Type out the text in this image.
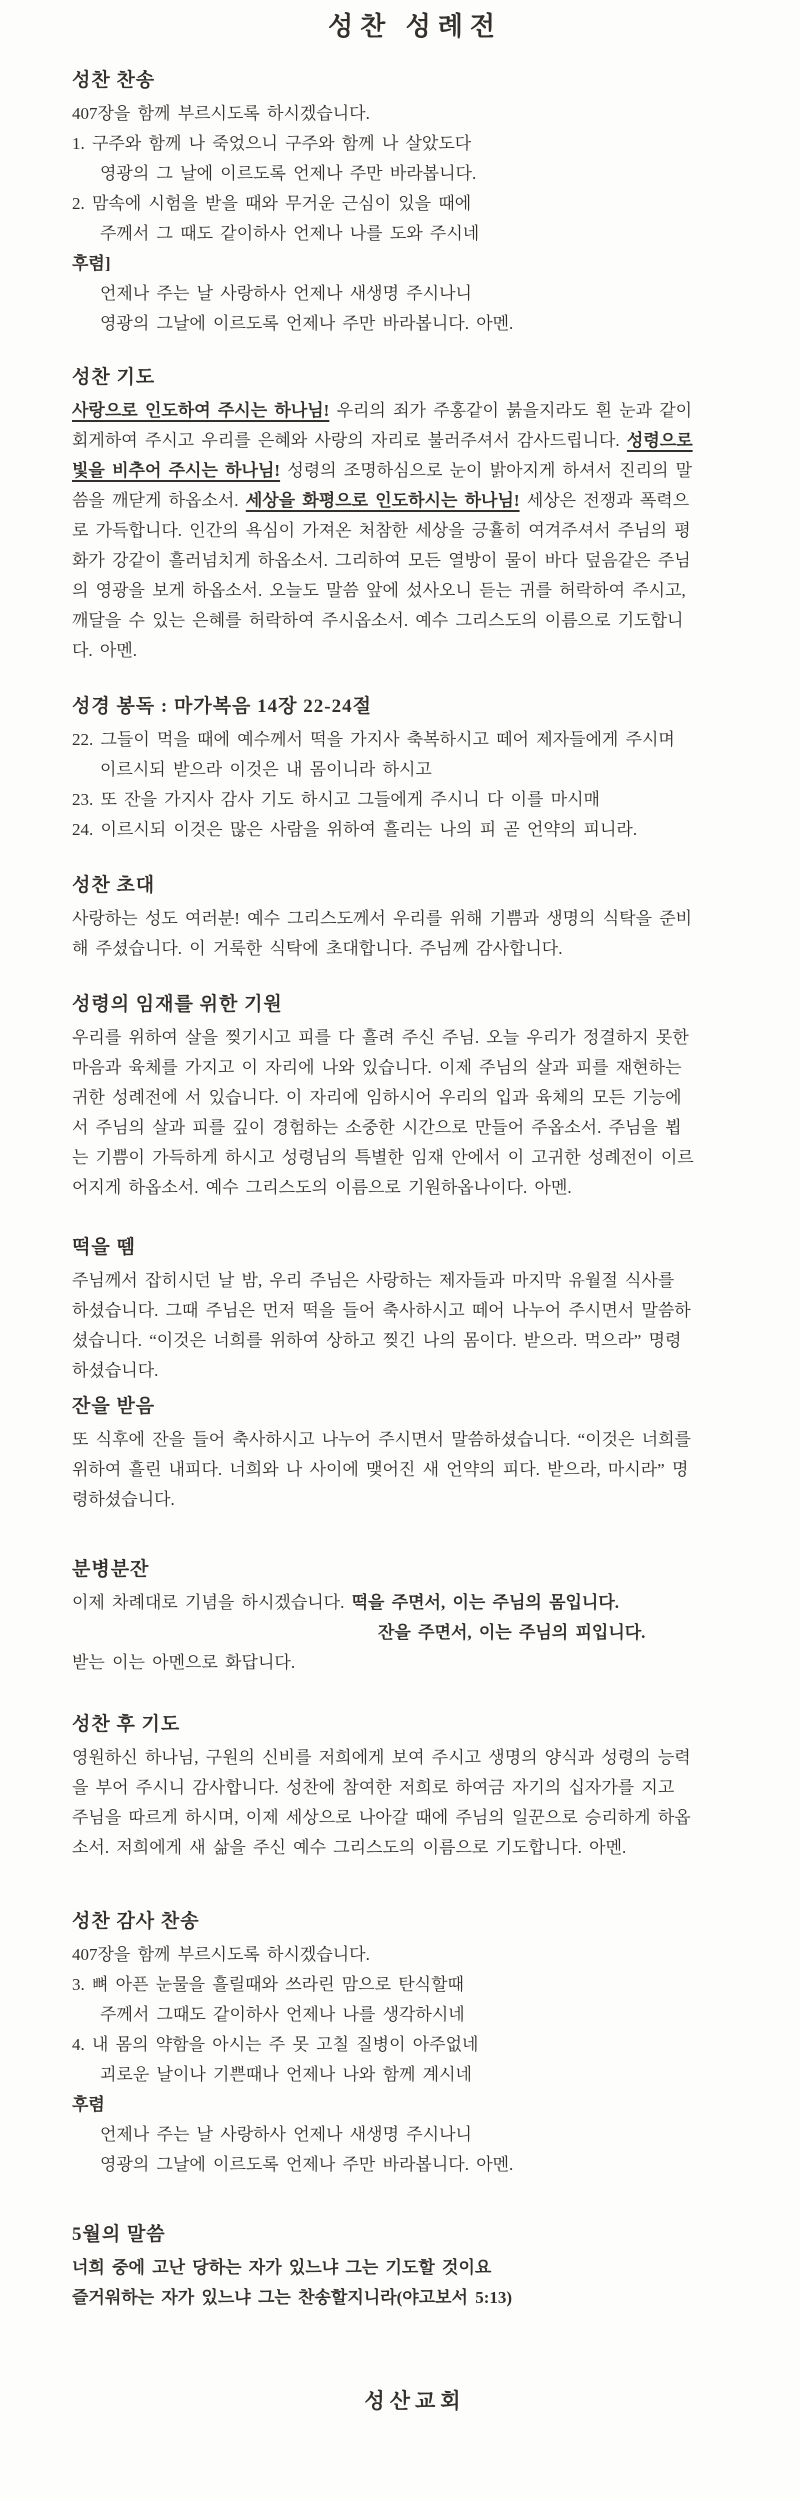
성찬 성례전
성찬 찬송
407장을 함께 부르시도록 하시겠습니다.
1. 구주와 함께 나 죽었으니 구주와 함께 나 살았도다
영광의 그 날에 이르도록 언제나 주만 바라봅니다.
2. 맘속에 시험을 받을 때와 무거운 근심이 있을 때에
주께서 그 때도 같이하사 언제나 나를 도와 주시네
후렴]
언제나 주는 날 사랑하사 언제나 새생명 주시나니
영광의 그날에 이르도록 언제나 주만 바라봅니다. 아멘.
성찬 기도
사랑으로 인도하여 주시는 하나님! 우리의 죄가 주홍같이 붉을지라도 흰 눈과 같이
회게하여 주시고 우리를 은혜와 사랑의 자리로 불러주셔서 감사드립니다. 성령으로
빛을 비추어 주시는 하나님! 성령의 조명하심으로 눈이 밝아지게 하셔서 진리의 말
씀을 깨닫게 하옵소서. 세상을 화평으로 인도하시는 하나님! 세상은 전쟁과 폭력으
로 가득합니다. 인간의 욕심이 가져온 처참한 세상을 긍휼히 여겨주셔서 주님의 평
화가 강같이 흘러넘치게 하옵소서. 그리하여 모든 열방이 물이 바다 덮음같은 주님
의 영광을 보게 하옵소서. 오늘도 말씀 앞에 섰사오니 듣는 귀를 허락하여 주시고,
깨달을 수 있는 은혜를 허락하여 주시옵소서. 예수 그리스도의 이름으로 기도합니
다. 아멘.
성경 봉독 : 마가복음 14장 22-24절
22. 그들이 먹을 때에 예수께서 떡을 가지사 축복하시고 떼어 제자들에게 주시며
이르시되 받으라 이것은 내 몸이니라 하시고
23. 또 잔을 가지사 감사 기도 하시고 그들에게 주시니 다 이를 마시매
24. 이르시되 이것은 많은 사람을 위하여 흘리는 나의 피 곧 언약의 피니라.
성찬 초대
사랑하는 성도 여러분! 예수 그리스도께서 우리를 위해 기쁨과 생명의 식탁을 준비
해 주셨습니다. 이 거룩한 식탁에 초대합니다. 주님께 감사합니다.
성령의 임재를 위한 기원
우리를 위하여 살을 찢기시고 피를 다 흘려 주신 주님. 오늘 우리가 정결하지 못한
마음과 육체를 가지고 이 자리에 나와 있습니다. 이제 주님의 살과 피를 재현하는
귀한 성례전에 서 있습니다. 이 자리에 임하시어 우리의 입과 육체의 모든 기능에
서 주님의 살과 피를 깊이 경험하는 소중한 시간으로 만들어 주옵소서. 주님을 뵙
는 기쁨이 가득하게 하시고 성령님의 특별한 임재 안에서 이 고귀한 성례전이 이르
어지게 하옵소서. 예수 그리스도의 이름으로 기원하옵나이다. 아멘.
떡을 뗌
주님께서 잡히시던 날 밤, 우리 주님은 사랑하는 제자들과 마지막 유월절 식사를
하셨습니다. 그때 주님은 먼저 떡을 들어 축사하시고 떼어 나누어 주시면서 말씀하
셨습니다. “이것은 너희를 위하여 상하고 찢긴 나의 몸이다. 받으라. 먹으라” 명령
하셨습니다.
잔을 받음
또 식후에 잔을 들어 축사하시고 나누어 주시면서 말씀하셨습니다. “이것은 너희를
위하여 흘린 내피다. 너희와 나 사이에 맺어진 새 언약의 피다. 받으라, 마시라” 명
령하셨습니다.
분병분잔
이제 차례대로 기념을 하시겠습니다. 떡을 주면서, 이는 주님의 몸입니다.
잔을 주면서, 이는 주님의 피입니다.
받는 이는 아멘으로 화답니다.
성찬 후 기도
영원하신 하나님, 구원의 신비를 저희에게 보여 주시고 생명의 양식과 성령의 능력
을 부어 주시니 감사합니다. 성찬에 참여한 저희로 하여금 자기의 십자가를 지고
주님을 따르게 하시며, 이제 세상으로 나아갈 때에 주님의 일꾼으로 승리하게 하옵
소서. 저희에게 새 삶을 주신 예수 그리스도의 이름으로 기도합니다. 아멘.
성찬 감사 찬송
407장을 함께 부르시도록 하시겠습니다.
3. 뼈 아픈 눈물을 흘릴때와 쓰라린 맘으로 탄식할때
주께서 그때도 같이하사 언제나 나를 생각하시네
4. 내 몸의 약함을 아시는 주 못 고칠 질병이 아주없네
괴로운 날이나 기쁜때나 언제나 나와 함께 계시네
후렴
언제나 주는 날 사랑하사 언제나 새생명 주시나니
영광의 그날에 이르도록 언제나 주만 바라봅니다. 아멘.
5월의 말씀
너희 중에 고난 당하는 자가 있느냐 그는 기도할 것이요
즐거워하는 자가 있느냐 그는 찬송할지니라(야고보서 5:13)
성산교회
